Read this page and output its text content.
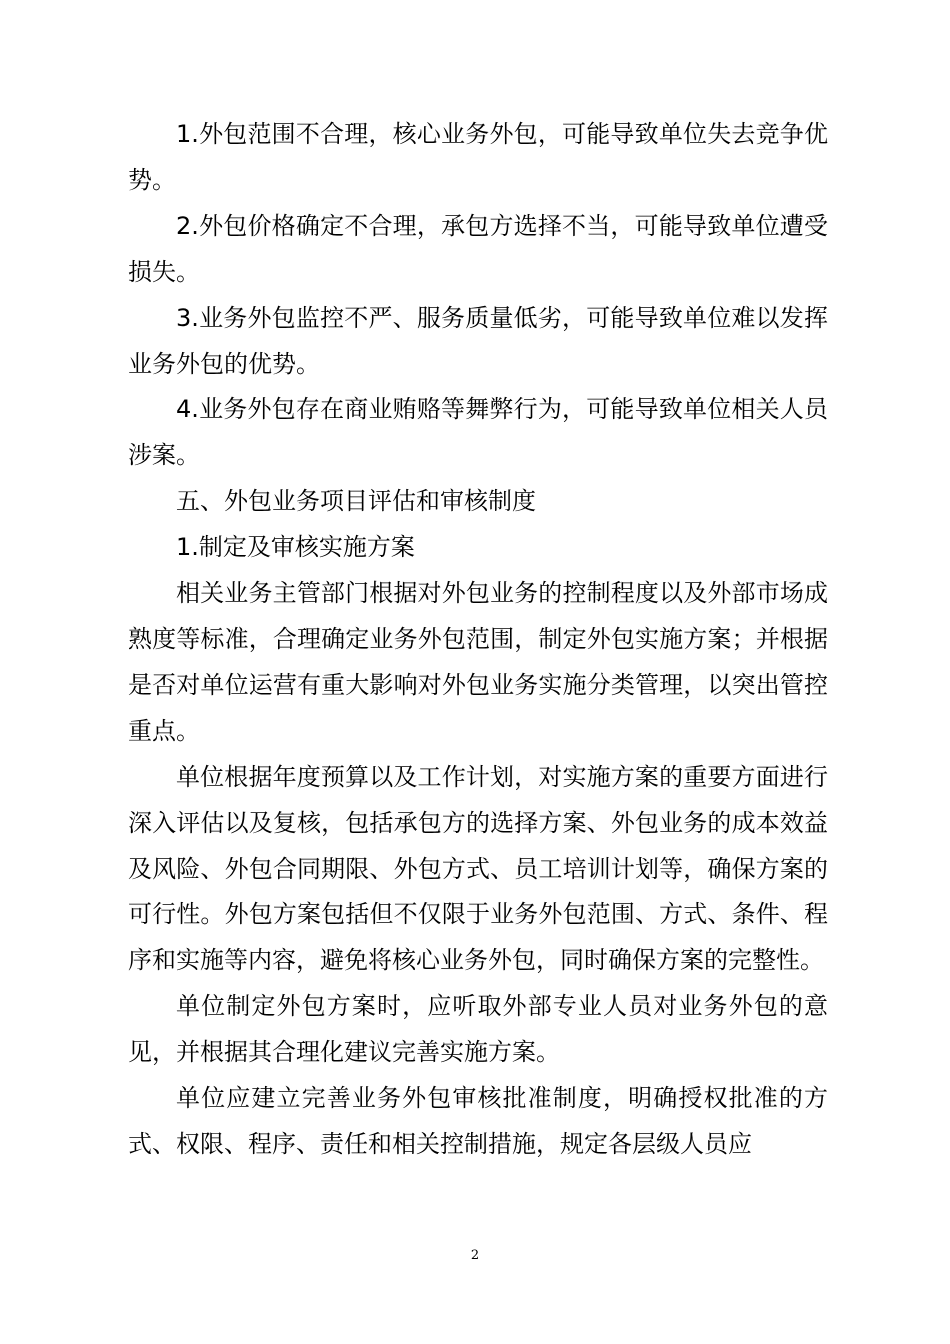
1.外包范围不合理，核心业务外包，可能导致单位失去竞争优势。

2.外包价格确定不合理，承包方选择不当，可能导致单位遭受损失。

3.业务外包监控不严、服务质量低劣，可能导致单位难以发挥业务外包的优势。

4.业务外包存在商业贿赂等舞弊行为，可能导致单位相关人员涉案。

五、外包业务项目评估和审核制度

1.制定及审核实施方案

相关业务主管部门根据对外包业务的控制程度以及外部市场成熟度等标准，合理确定业务外包范围，制定外包实施方案；并根据是否对单位运营有重大影响对外包业务实施分类管理，以突出管控重点。

单位根据年度预算以及工作计划，对实施方案的重要方面进行深入评估以及复核，包括承包方的选择方案、外包业务的成本效益及风险、外包合同期限、外包方式、员工培训计划等，确保方案的可行性。外包方案包括但不仅限于业务外包范围、方式、条件、程序和实施等内容，避免将核心业务外包，同时确保方案的完整性。

单位制定外包方案时，应听取外部专业人员对业务外包的意见，并根据其合理化建议完善实施方案。

单位应建立完善业务外包审核批准制度，明确授权批准的方式、权限、程序、责任和相关控制措施，规定各层级人员应

2
